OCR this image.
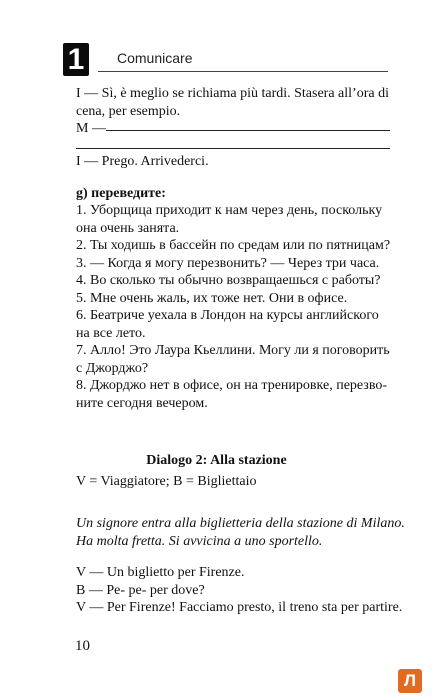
1 Comunicare
I — Sì, è meglio se richiama più tardi. Stasera all’ora di
cena, per esempio.
M —
I — Prego. Arrivederci.
g) переведите:
1. Уборщица приходит к нам через день, поскольку
она очень занята.
2. Ты ходишь в бассейн по средам или по пятницам?
3. — Когда я могу перезвонить? — Через три часа.
4. Во сколько ты обычно возвращаешься с работы?
5. Мне очень жаль, их тоже нет. Они в офисе.
6. Беатриче уехала в Лондон на курсы английского
на все лето.
7. Алло! Это Лаура Кьеллини. Могу ли я поговорить
с Джорджо?
8. Джорджо нет в офисе, он на тренировке, перезво-
ните сегодня вечером.
Dialogo 2: Alla stazione
V = Viaggiatore; B = Bigliettaio
Un signore entra alla biglietteria della stazione di Milano.
Ha molta fretta. Si avvicina a uno sportello.
V — Un biglietto per Firenze.
B — Pe- pe- per dove?
V — Per Firenze! Facciamo presto, il treno sta per partire.
10
Л
